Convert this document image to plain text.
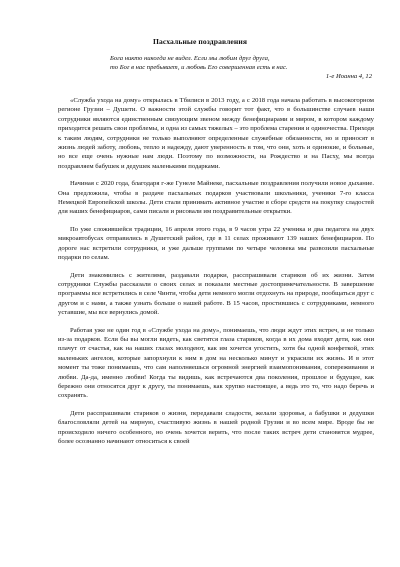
Пасхальные поздравления
Бога никто никогда не видел. Если мы любим друг друга,
то Бог в нас пребывает, и любовь Его совершенная есть в нас.
1-е Иоанна 4, 12

«Служба ухода на дому» открылась в Тбилиси в 2013 году, а с 2018 года начала работать в высокогорном регионе Грузии – Душети. О важности этой службы говорит тот факт, что в большинстве случаев наши сотрудники являются единственным связующим звеном между бенефициарами и миром, в котором каждому приходится решать свои проблемы, и одна из самых тяжелых – это проблема старения и одиночества. Приходя к таким людям, сотрудники не только выполняют определенные служебные обязанности, но и приносят в жизнь людей заботу, любовь, тепло и надежду, дают уверенность в том, что они, хоть и одинокие, и больные, но все еще очень нужные нам люди. Поэтому по возможности, на Рождество и на Пасху, мы всегда поздравляем бабушек и дедушек маленькими подарками.

Начиная с 2020 года, благодаря г-же Гунеле Майнеке, пасхальные поздравления получили новое дыхание. Она предложила, чтобы в раздаче пасхальных подарков участвовали школьники, ученики 7-го класса Немецкой Европейской школы. Дети стали принимать активное участие в сборе средств на покупку сладостей для наших бенефициаров, сами писали и рисовали им поздравительные открытки.

По уже сложившейся традиции, 16 апреля этого года, в 9 часов утра 22 ученика и два педагога на двух микроавтобусах отправились в Душетский район, где в 11 селах проживают 139 наших бенефициаров. По дороге нас встретили сотрудники, и уже дальше группами по четыре человека мы развозили пасхальные подарки по селам.

Дети знакомились с жителями, раздавали подарки, расспрашивали стариков об их жизни. Затем сотрудники Службы рассказали о своих селах и показали местные достопримечательности. В завершение программы все встретились в селе Чинти, чтобы дети немного могли отдохнуть на природе, пообщаться друг с другом и с нами, а также узнать больше о нашей работе. В 15 часов, простившись с сотрудниками, немного уставшие, мы все вернулись домой.

Работая уже не один год в «Службе ухода на дому», понимаешь, что люди ждут этих встреч, и не только из-за подарков. Если бы вы могли видеть, как светятся глаза стариков, когда в их дома входят дети, как они плачут от счастья, как на наших глазах молодеют, как им хочется угостить, хотя бы одной конфеткой, этих маленьких ангелов, которые запорхнули к ним в дом на несколько минут и украсили их жизнь. И в этот момент ты тоже понимаешь, что сам наполняешься огромной энергией взаимопонимания, сопереживания и любви. Да-да, именно любви! Когда ты видишь, как встречаются два поколения, прошлое и будущее, как бережно они относятся друг к другу, ты понимаешь, как хрупко настоящее, а ведь это то, что надо беречь и сохранять.

Дети расспрашивали стариков о жизни, передавали сладости, желали здоровья, а бабушки и дедушки благословляли детей на мирную, счастливую жизнь в нашей родной Грузии и во всем мире. Вроде бы не происходило ничего особенного, но очень хочется верить, что после таких встреч дети становятся мудрее, более осознанно начинают относиться к своей
